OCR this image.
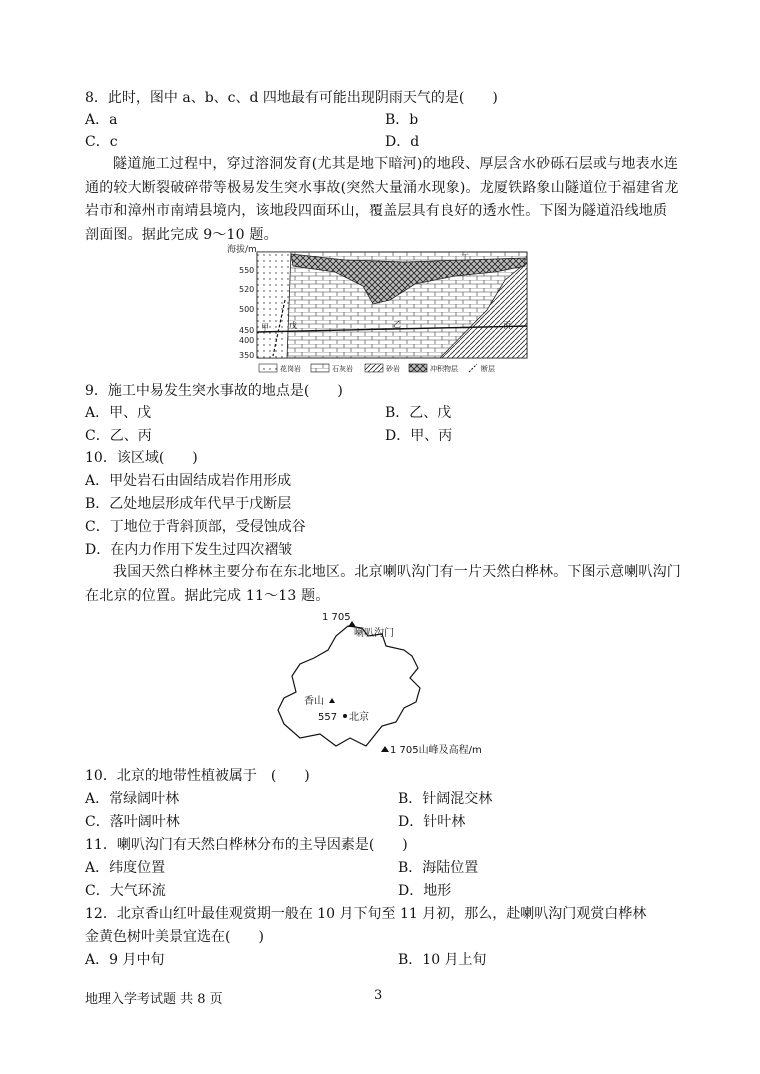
8．此时，图中 a、b、c、d 四地最有可能出现阴雨天气的是(　　)
A．a	B．b
C．c	D．d
隧道施工过程中，穿过溶洞发育(尤其是地下暗河)的地段、厚层含水砂砾石层或与地表水连通的较大断裂破碎带等极易发生突水事故(突然大量涌水现象)。龙厦铁路象山隧道位于福建省龙岩市和漳州市南靖县境内，该地段四面环山，覆盖层具有良好的透水性。下图为隧道沿线地质剖面图。据此完成 9～10 题。
海拔/m
550
520
500
450
400
350
甲	乙	丙
丁
戊
花岗岩	石灰岩	砂岩	冲积物层	断层
9．施工中易发生突水事故的地点是(　　)
A．甲、戊	B．乙、戊
C．乙、丙	D．甲、丙
10．该区域(　　)
A．甲处岩石由固结成岩作用形成
B．乙处地层形成年代早于戊断层
C．丁地位于背斜顶部，受侵蚀成谷
D．在内力作用下发生过四次褶皱
我国天然白桦林主要分布在东北地区。北京喇叭沟门有一片天然白桦林。下图示意喇叭沟门在北京的位置。据此完成 11～13 题。
1 705
喇叭沟门
香山
557 北京
1 705山峰及高程/m
10．北京的地带性植被属于　(　　)
A．常绿阔叶林	B．针阔混交林
C．落叶阔叶林	D．针叶林
11．喇叭沟门有天然白桦林分布的主导因素是(　　)
A．纬度位置	B．海陆位置
C．大气环流	D．地形
12．北京香山红叶最佳观赏期一般在 10 月下旬至 11 月初，那么，赴喇叭沟门观赏白桦林
金黄色树叶美景宜选在(　　)
A．9 月中旬	B．10 月上旬
地理入学考试题 共 8 页	3
